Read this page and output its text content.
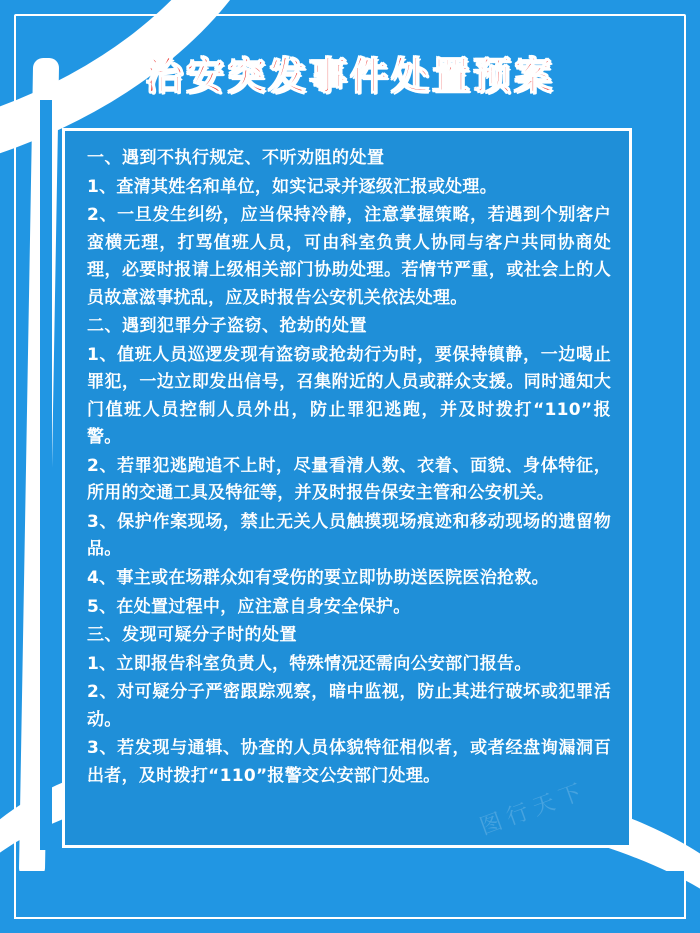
治安突发事件处置预案
图行天下

一、遇到不执行规定、不听劝阻的处置

1、查清其姓名和单位，如实记录并逐级汇报或处理。

2、一旦发生纠纷，应当保持冷静，注意掌握策略，若遇到个别客户蛮横无理，打骂值班人员，可由科室负责人协同与客户共同协商处理，必要时报请上级相关部门协助处理。若情节严重，或社会上的人员故意滋事扰乱，应及时报告公安机关依法处理。

二、遇到犯罪分子盗窃、抢劫的处置

1、值班人员巡逻发现有盗窃或抢劫行为时，要保持镇静，一边喝止罪犯，一边立即发出信号，召集附近的人员或群众支援。同时通知大门值班人员控制人员外出，防止罪犯逃跑，并及时拨打“110”报警。

2、若罪犯逃跑追不上时，尽量看清人数、衣着、面貌、身体特征，所用的交通工具及特征等，并及时报告保安主管和公安机关。

3、保护作案现场，禁止无关人员触摸现场痕迹和移动现场的遗留物品。

4、事主或在场群众如有受伤的要立即协助送医院医治抢救。

5、在处置过程中，应注意自身安全保护。

三、发现可疑分子时的处置

1、立即报告科室负责人，特殊情况还需向公安部门报告。

2、对可疑分子严密跟踪观察，暗中监视，防止其进行破坏或犯罪活动。

3、若发现与通辑、协查的人员体貌特征相似者，或者经盘询漏洞百出者，及时拨打“110”报警交公安部门处理。
